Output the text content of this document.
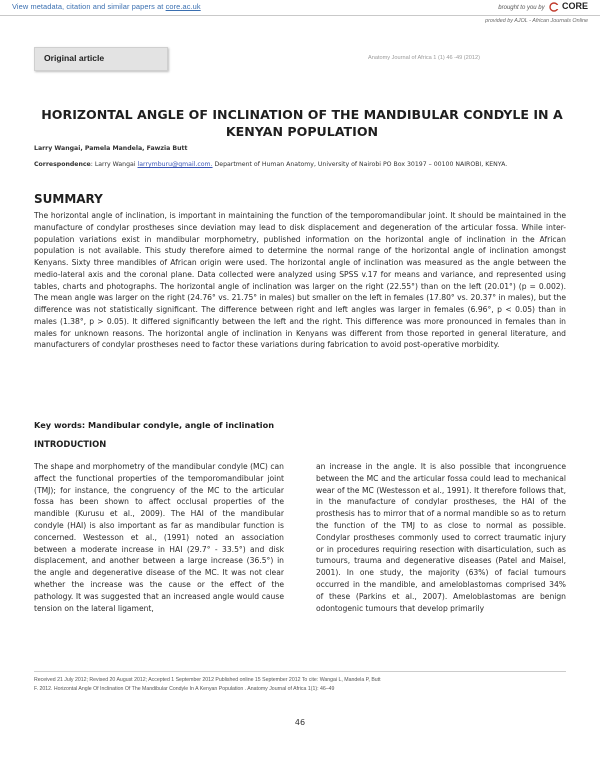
View metadata, citation and similar papers at core.ac.uk	brought to you by CORE
provided by AJOL - African Journals Online
Original article	Anatomy Journal of Africa 1 (1) 46 -49 (2012)
HORIZONTAL ANGLE OF INCLINATION OF THE MANDIBULAR CONDYLE IN A KENYAN POPULATION
Larry Wangai, Pamela Mandela, Fawzia Butt
Correspondence: Larry Wangai larrymburu@gmail.com. Department of Human Anatomy, University of Nairobi PO Box 30197 – 00100 NAIROBI, KENYA.
SUMMARY
The horizontal angle of inclination, is important in maintaining the function of the temporomandibular joint. It should be maintained in the manufacture of condylar prostheses since deviation may lead to disk displacement and degeneration of the articular fossa. While inter-population variations exist in mandibular morphometry, published information on the horizontal angle of inclination in the African population is not available. This study therefore aimed to determine the normal range of the horizontal angle of inclination amongst Kenyans. Sixty three mandibles of African origin were used. The horizontal angle of inclination was measured as the angle between the medio-lateral axis and the coronal plane. Data collected were analyzed using SPSS v.17 for means and variance, and represented using tables, charts and photographs. The horizontal angle of inclination was larger on the right (22.55°) than on the left (20.01°) (p = 0.002). The mean angle was larger on the right (24.76° vs. 21.75° in males) but smaller on the left in females (17.80° vs. 20.37° in males), but the difference was not statistically significant. The difference between right and left angles was larger in females (6.96°, p < 0.05) than in males (1.38°, p > 0.05). It differed significantly between the left and the right. This difference was more pronounced in females than in males for unknown reasons. The horizontal angle of inclination in Kenyans was different from those reported in general literature, and manufacturers of condylar prostheses need to factor these variations during fabrication to avoid post-operative morbidity.
Key words: Mandibular condyle, angle of inclination
INTRODUCTION
The shape and morphometry of the mandibular condyle (MC) can affect the functional properties of the temporomandibular joint (TMJ); for instance, the congruency of the MC to the articular fossa has been shown to affect occlusal properties of the mandible (Kurusu et al., 2009). The HAI of the mandibular condyle (HAI) is also important as far as mandibular function is concerned. Westesson et al., (1991) noted an association between a moderate increase in HAI (29.7° - 33.5°) and disk displacement, and another between a large increase (36.5°) in the angle and degenerative disease of the MC. It was not clear whether the increase was the cause or the effect of the pathology. It was suggested that an increased angle would cause tension on the lateral ligament,
an increase in the angle. It is also possible that incongruence between the MC and the articular fossa could lead to mechanical wear of the MC (Westesson et al., 1991). It therefore follows that, in the manufacture of condylar prostheses, the HAI of the prosthesis has to mirror that of a normal mandible so as to return the function of the TMJ to as close to normal as possible. Condylar prostheses commonly used to correct traumatic injury or in procedures requiring resection with disarticulation, such as tumours, trauma and degenerative diseases (Patel and Maisel, 2001). In one study, the majority (63%) of facial tumours occurred in the mandible, and ameloblastomas comprised 34% of these (Parkins et al., 2007). Ameloblastomas are benign odontogenic tumours that develop primarily
Received 21 July 2012; Revised 20 August 2012; Accepted 1 September 2012 Published online 15 September 2012 To cite: Wangai L, Mandela P, Butt
F. 2012. Horizontal Angle Of Inclination Of The Mandibular Condyle In A Kenyan Population . Anatomy Journal of Africa 1(1): 46–49
46
